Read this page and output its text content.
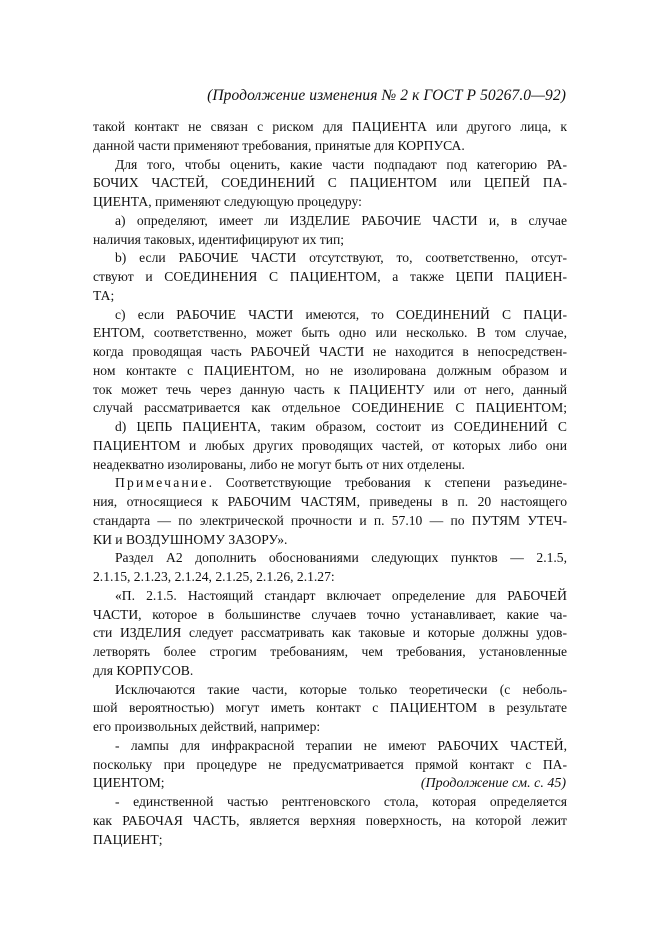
(Продолжение изменения № 2 к ГОСТ Р 50267.0—92)
такой контакт не связан с риском для ПАЦИЕНТА или другого лица, к
данной части применяют требования, принятые для КОРПУСА.
Для того, чтобы оценить, какие части подпадают под категорию РА-
БОЧИХ ЧАСТЕЙ, СОЕДИНЕНИЙ С ПАЦИЕНТОМ или ЦЕПЕЙ ПА-
ЦИЕНТА, применяют следующую процедуру:
а) определяют, имеет ли ИЗДЕЛИЕ РАБОЧИЕ ЧАСТИ и, в случае
наличия таковых, идентифицируют их тип;
b) если РАБОЧИЕ ЧАСТИ отсутствуют, то, соответственно, отсут-
ствуют и СОЕДИНЕНИЯ С ПАЦИЕНТОМ, а также ЦЕПИ ПАЦИЕН-
ТА;
c) если РАБОЧИЕ ЧАСТИ имеются, то СОЕДИНЕНИЙ С ПАЦИ-
ЕНТОМ, соответственно, может быть одно или несколько. В том случае,
когда проводящая часть РАБОЧЕЙ ЧАСТИ не находится в непосредствен-
ном контакте с ПАЦИЕНТОМ, но не изолирована должным образом и
ток может течь через данную часть к ПАЦИЕНТУ или от него, данный
случай рассматривается как отдельное СОЕДИНЕНИЕ С ПАЦИЕНТОМ;
d) ЦЕПЬ ПАЦИЕНТА, таким образом, состоит из СОЕДИНЕНИЙ С
ПАЦИЕНТОМ и любых других проводящих частей, от которых либо они
неадекватно изолированы, либо не могут быть от них отделены.
Примечание. Соответствующие требования к степени разъедине-
ния, относящиеся к РАБОЧИМ ЧАСТЯМ, приведены в п. 20 настоящего
стандарта — по электрической прочности и п. 57.10 — по ПУТЯМ УТЕЧ-
КИ и ВОЗДУШНОМУ ЗАЗОРУ».
Раздел А2 дополнить обоснованиями следующих пунктов — 2.1.5,
2.1.15, 2.1.23, 2.1.24, 2.1.25, 2.1.26, 2.1.27:
«П. 2.1.5. Настоящий стандарт включает определение для РАБОЧЕЙ
ЧАСТИ, которое в большинстве случаев точно устанавливает, какие ча-
сти ИЗДЕЛИЯ следует рассматривать как таковые и которые должны удов-
летворять более строгим требованиям, чем требования, установленные
для КОРПУСОВ.
Исключаются такие части, которые только теоретически (с неболь-
шой вероятностью) могут иметь контакт с ПАЦИЕНТОМ в результате
его произвольных действий, например:
- лампы для инфракрасной терапии не имеют РАБОЧИХ ЧАСТЕЙ,
поскольку при процедуре не предусматривается прямой контакт с ПА-
ЦИЕНТОМ;
- единственной частью рентгеновского стола, которая определяется
как РАБОЧАЯ ЧАСТЬ, является верхняя поверхность, на которой лежит
ПАЦИЕНТ;
(Продолжение см. с. 45)
